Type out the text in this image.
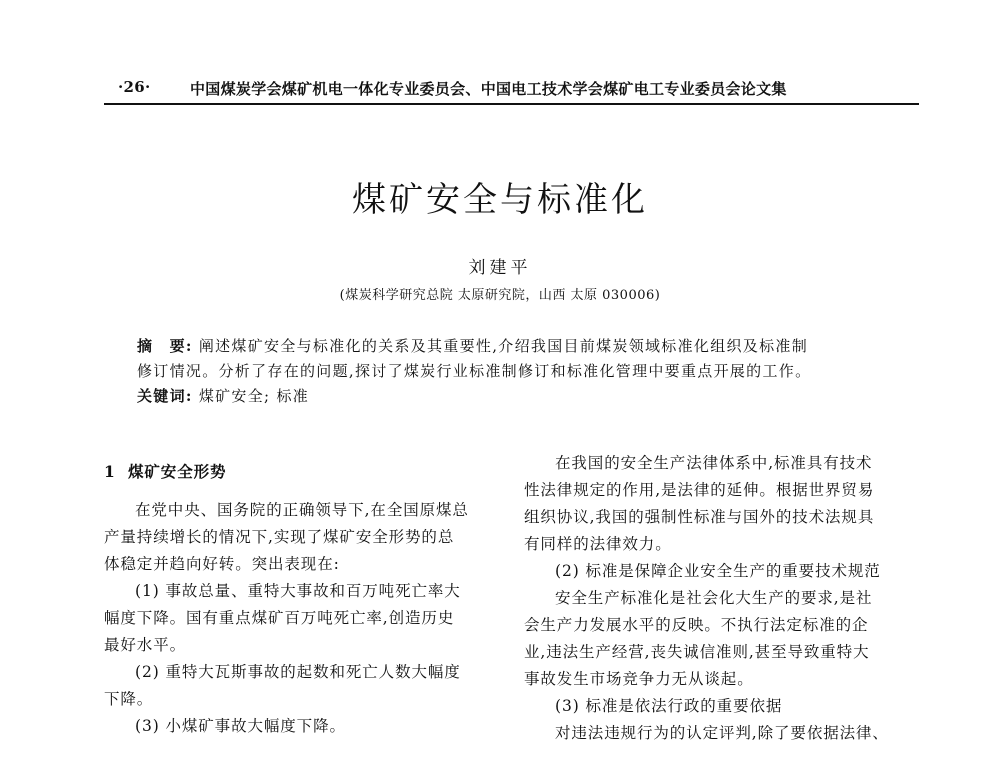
·26·	中国煤炭学会煤矿机电一体化专业委员会、中国电工技术学会煤矿电工专业委员会论文集
煤矿安全与标准化
刘建平
(煤炭科学研究总院 太原研究院，山西 太原 030006)
摘　要: 阐述煤矿安全与标准化的关系及其重要性,介绍我国目前煤炭领域标准化组织及标准制
修订情况。分析了存在的问题,探讨了煤炭行业标准制修订和标准化管理中要重点开展的工作。
关键词: 煤矿安全; 标准

1 煤矿安全形势

在党中央、国务院的正确领导下,在全国原煤总

产量持续增长的情况下,实现了煤矿安全形势的总

体稳定并趋向好转。突出表现在:

(1) 事故总量、重特大事故和百万吨死亡率大

幅度下降。国有重点煤矿百万吨死亡率,创造历史

最好水平。

(2) 重特大瓦斯事故的起数和死亡人数大幅度

下降。

(3) 小煤矿事故大幅度下降。

在我国的安全生产法律体系中,标准具有技术

性法律规定的作用,是法律的延伸。根据世界贸易

组织协议,我国的强制性标准与国外的技术法规具

有同样的法律效力。

(2) 标准是保障企业安全生产的重要技术规范

安全生产标准化是社会化大生产的要求,是社

会生产力发展水平的反映。不执行法定标准的企

业,违法生产经营,丧失诚信准则,甚至导致重特大

事故发生市场竞争力无从谈起。

(3) 标准是依法行政的重要依据

对违法违规行为的认定评判,除了要依据法律、
